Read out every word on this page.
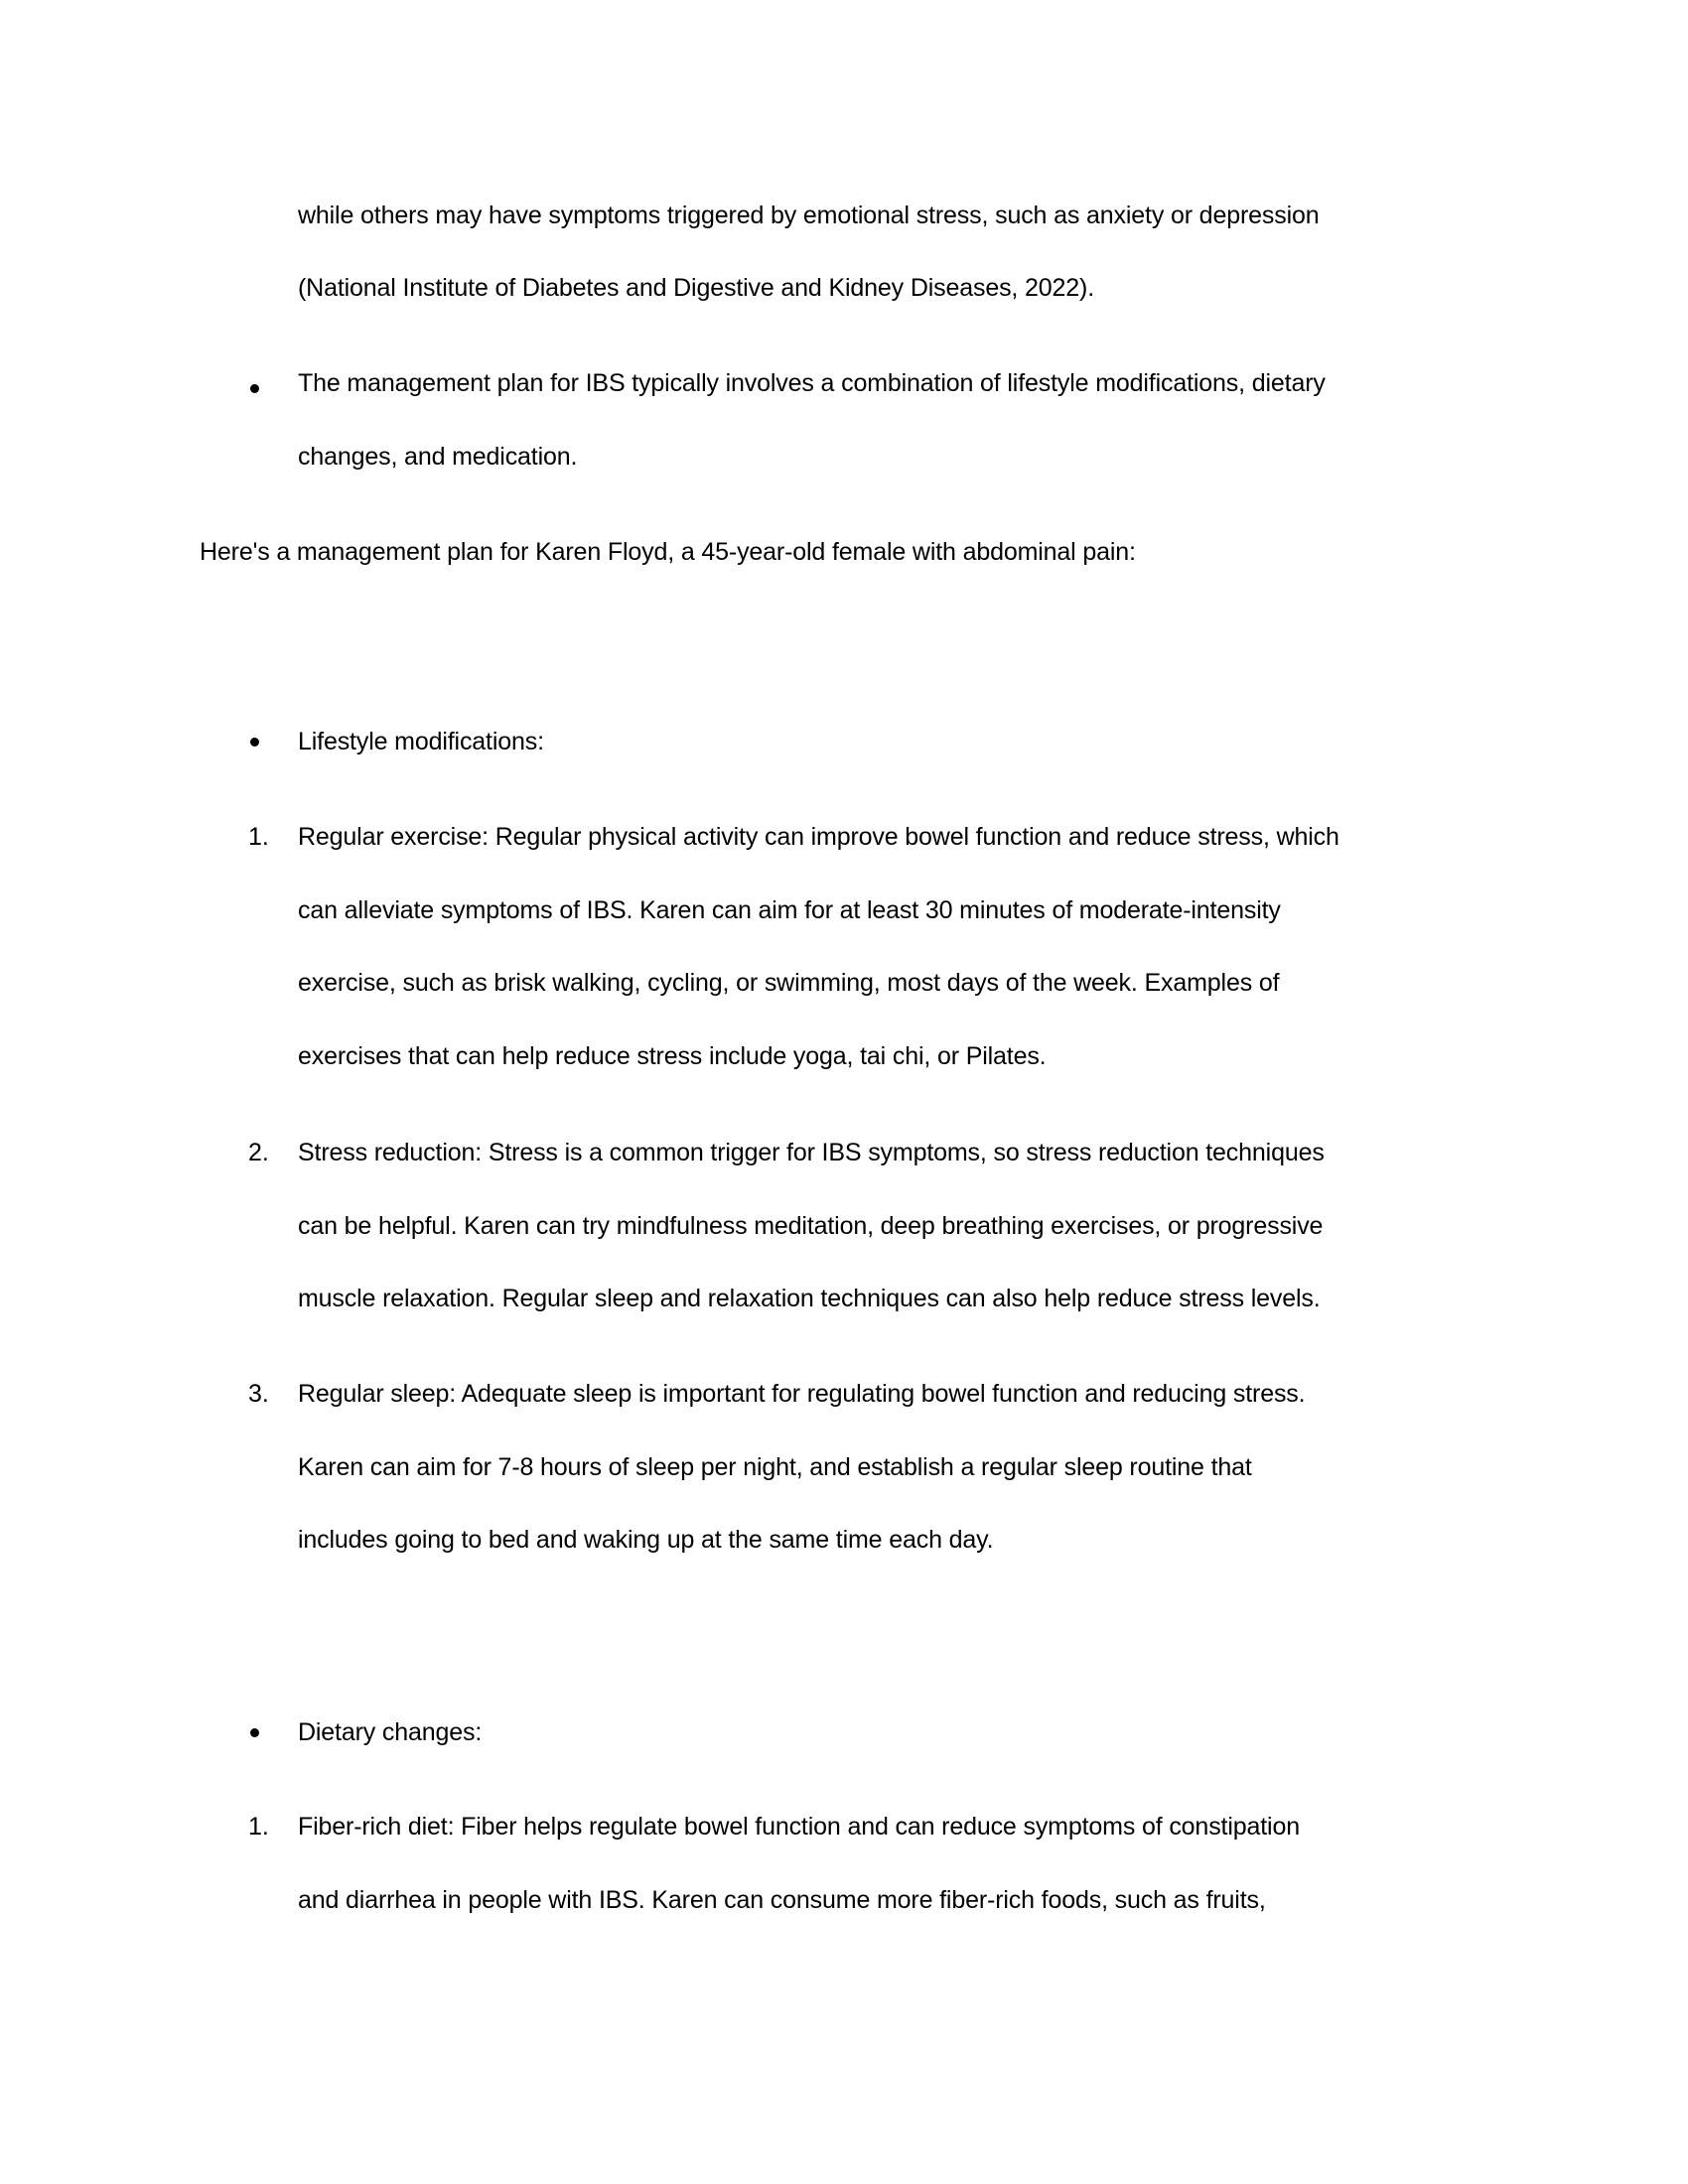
while others may have symptoms triggered by emotional stress, such as anxiety or depression
(National Institute of Diabetes and Digestive and Kidney Diseases, 2022).
The management plan for IBS typically involves a combination of lifestyle modifications, dietary
changes, and medication.
Here's a management plan for Karen Floyd, a 45-year-old female with abdominal pain:
Lifestyle modifications:
1. Regular exercise: Regular physical activity can improve bowel function and reduce stress, which
can alleviate symptoms of IBS. Karen can aim for at least 30 minutes of moderate-intensity
exercise, such as brisk walking, cycling, or swimming, most days of the week. Examples of
exercises that can help reduce stress include yoga, tai chi, or Pilates.
2. Stress reduction: Stress is a common trigger for IBS symptoms, so stress reduction techniques
can be helpful. Karen can try mindfulness meditation, deep breathing exercises, or progressive
muscle relaxation. Regular sleep and relaxation techniques can also help reduce stress levels.
3. Regular sleep: Adequate sleep is important for regulating bowel function and reducing stress.
Karen can aim for 7-8 hours of sleep per night, and establish a regular sleep routine that
includes going to bed and waking up at the same time each day.
Dietary changes:
1. Fiber-rich diet: Fiber helps regulate bowel function and can reduce symptoms of constipation
and diarrhea in people with IBS. Karen can consume more fiber-rich foods, such as fruits,
